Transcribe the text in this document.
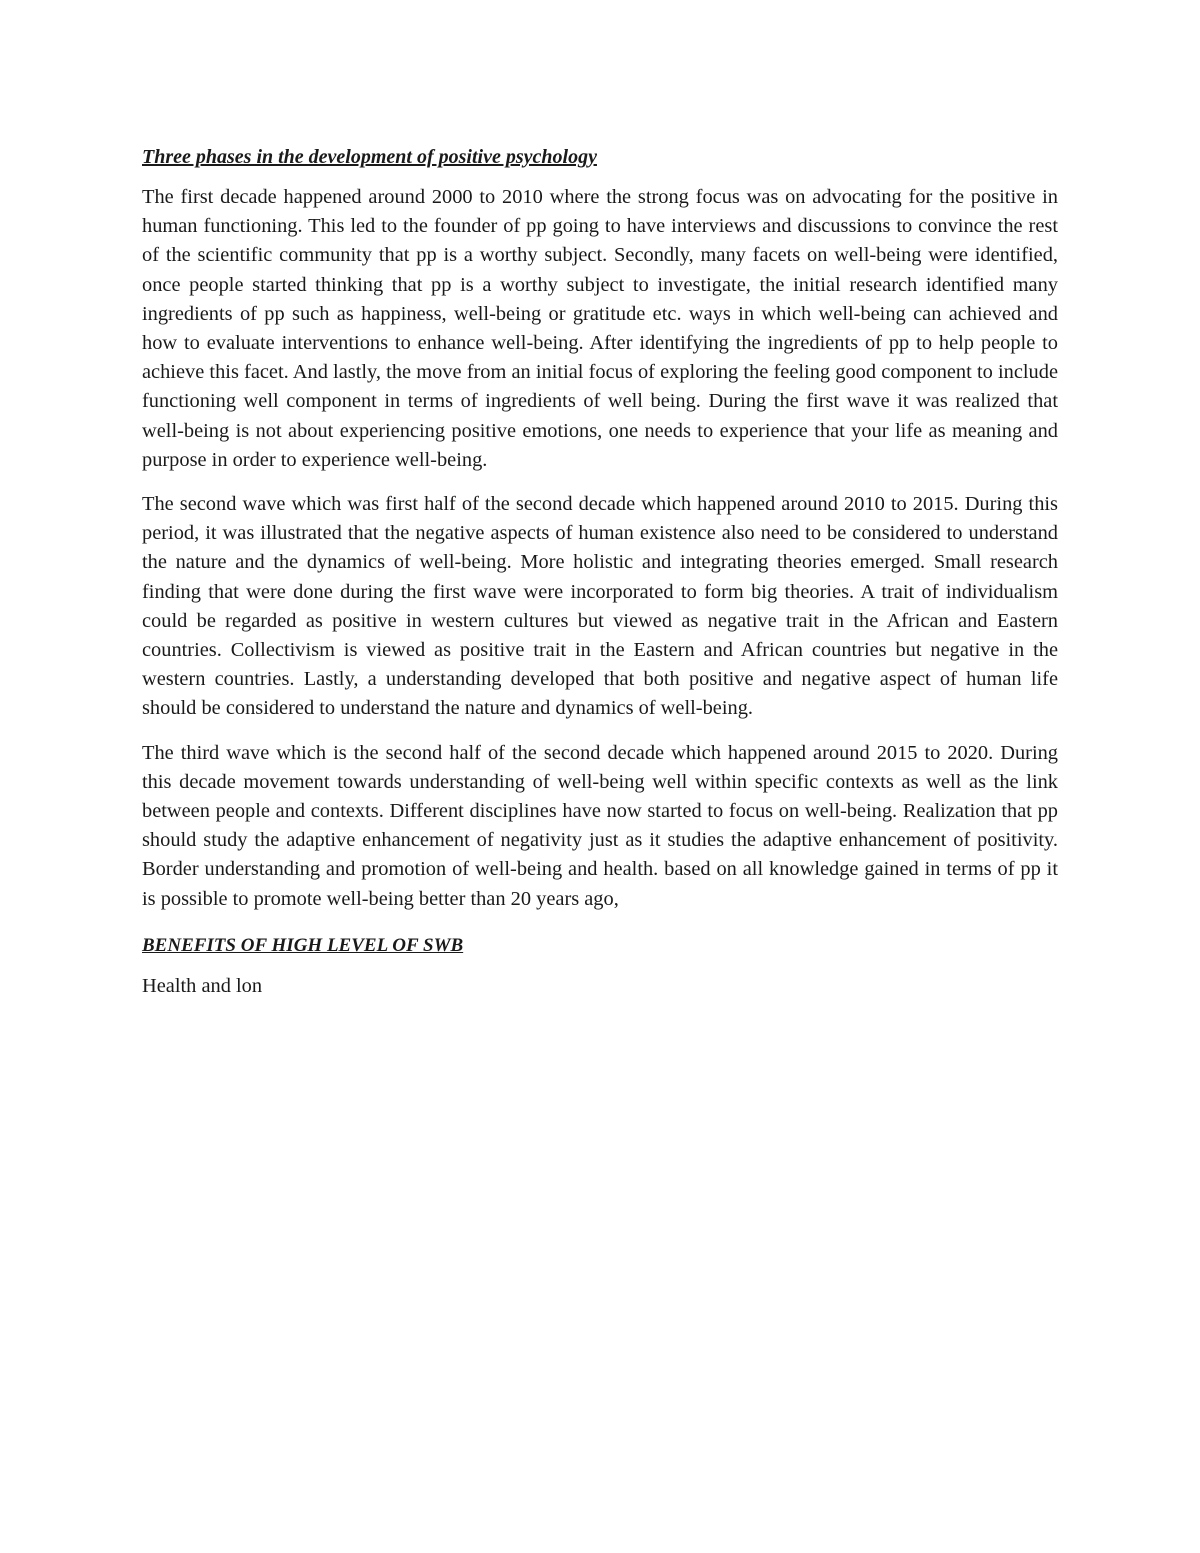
Three phases in the development of positive psychology

The first decade happened around 2000 to 2010 where the strong focus was on advocating for the positive in human functioning. This led to the founder of pp going to have interviews and discussions to convince the rest of the scientific community that pp is a worthy subject. Secondly, many facets on well-being were identified, once people started thinking that pp is a worthy subject to investigate, the initial research identified many ingredients of pp such as happiness, well-being or gratitude etc. ways in which well-being can achieved and how to evaluate interventions to enhance well-being. After identifying the ingredients of pp to help people to achieve this facet. And lastly, the move from an initial focus of exploring the feeling good component to include functioning well component in terms of ingredients of well being. During the first wave it was realized that well-being is not about experiencing positive emotions, one needs to experience that your life as meaning and purpose in order to experience well-being.

The second wave which was first half of the second decade which happened around 2010 to 2015. During this period, it was illustrated that the negative aspects of human existence also need to be considered to understand the nature and the dynamics of well-being. More holistic and integrating theories emerged. Small research finding that were done during the first wave were incorporated to form big theories. A trait of individualism could be regarded as positive in western cultures but viewed as negative trait in the African and Eastern countries. Collectivism is viewed as positive trait in the Eastern and African countries but negative in the western countries. Lastly, a understanding developed that both positive and negative aspect of human life should be considered to understand the nature and dynamics of well-being.

The third wave which is the second half of the second decade which happened around 2015 to 2020. During this decade movement towards understanding of well-being well within specific contexts as well as the link between people and contexts. Different disciplines have now started to focus on well-being. Realization that pp should study the adaptive enhancement of negativity just as it studies the adaptive enhancement of positivity. Border understanding and promotion of well-being and health. based on all knowledge gained in terms of pp it is possible to promote well-being better than 20 years ago,

BENEFITS OF HIGH LEVEL OF SWB

Health and lon
